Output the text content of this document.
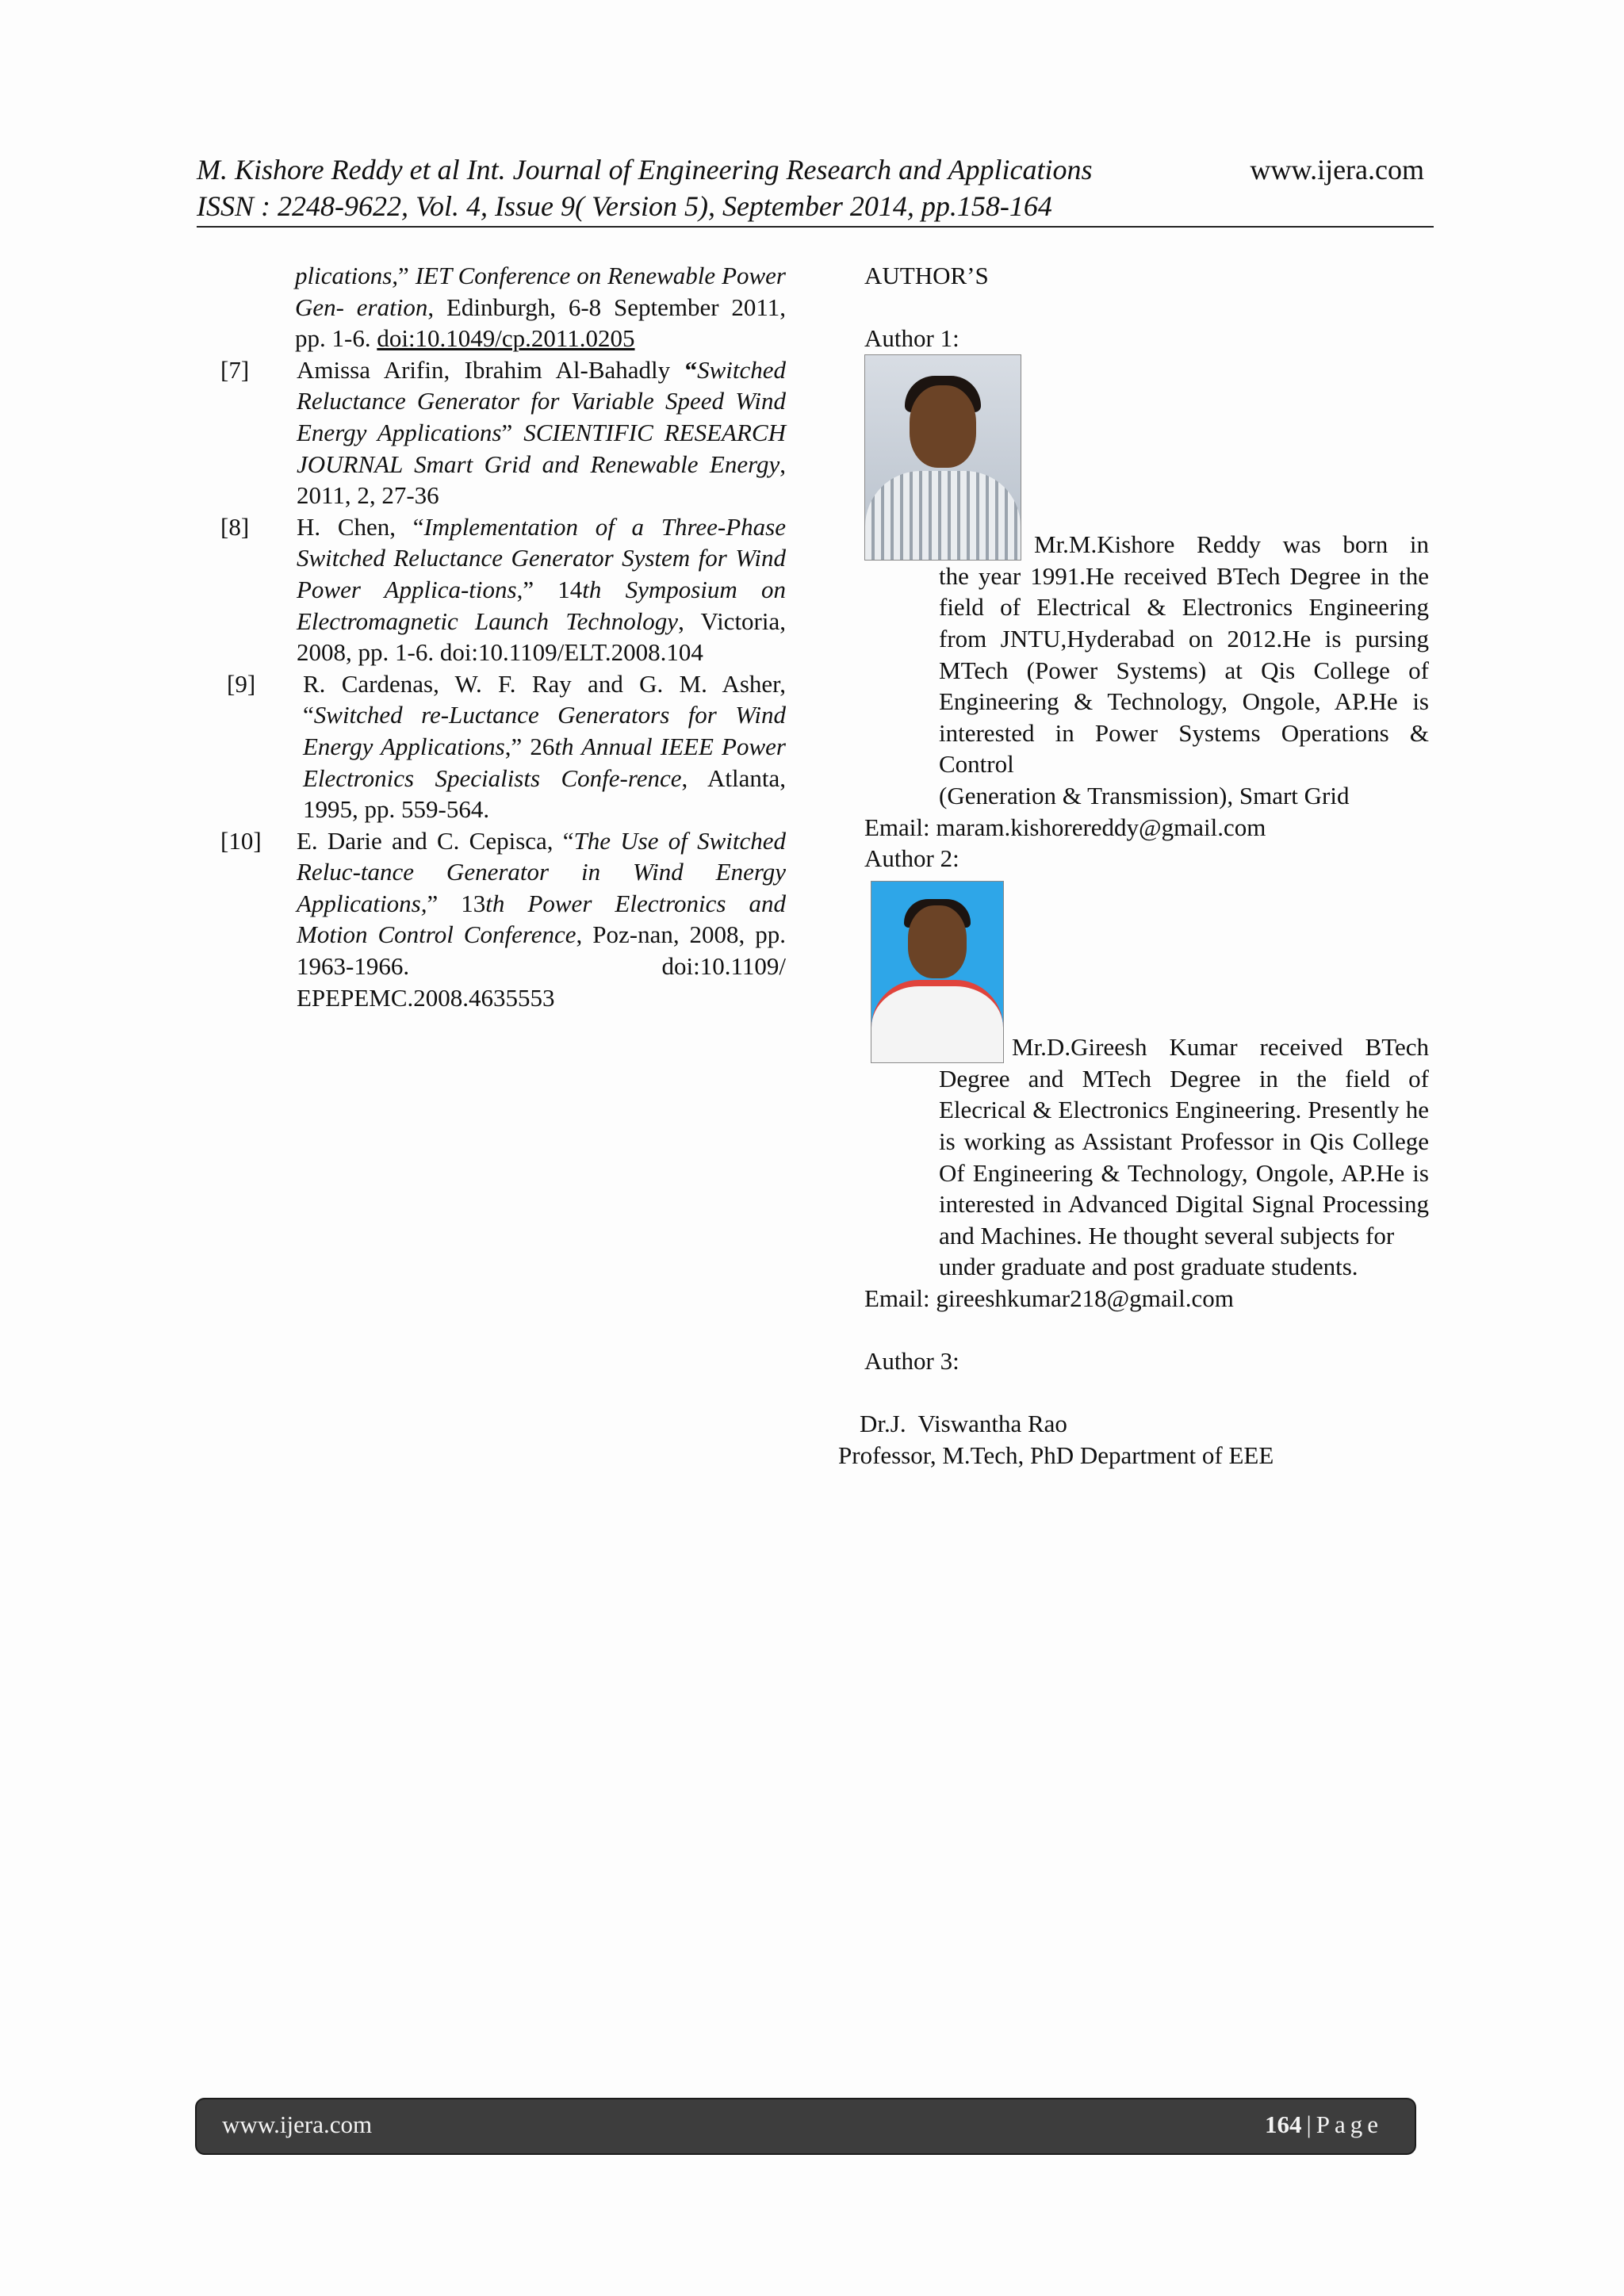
M. Kishore Reddy et al Int. Journal of Engineering Research and Applications	www.ijera.com
ISSN : 2248-9622, Vol. 4, Issue 9( Version 5), September 2014, pp.158-164
plications,” IET Conference on Renewable Power Gen- eration, Edinburgh, 6-8 September 2011, pp. 1-6. doi:10.1049/cp.2011.0205
[7]	Amissa Arifin, Ibrahim Al-Bahadly “Switched Reluctance Generator for Variable Speed Wind Energy Applications” SCIENTIFIC RESEARCH JOURNAL Smart Grid and Renewable Energy, 2011, 2, 27-36
[8]	H. Chen, “Implementation of a Three-Phase Switched Reluctance Generator System for Wind Power Applica-tions,” 14th Symposium on Electromagnetic Launch Technology, Victoria, 2008, pp. 1-6. doi:10.1109/ELT.2008.104
[9]	R. Cardenas, W. F. Ray and G. M. Asher, “Switched re-Luctance Generators for Wind Energy Applications,” 26th Annual IEEE Power Electronics Specialists Confe-rence, Atlanta, 1995, pp. 559-564.
[10]	E. Darie and C. Cepisca, “The Use of Switched Reluc-tance Generator in Wind Energy Applications,” 13th Power Electronics and Motion Control Conference, Poz-nan, 2008, pp. 1963-1966. doi:10.1109/ EPEPEMC.2008.4635553
AUTHOR’S
Author 1:
Mr.M.Kishore Reddy was born in
the year 1991.He received BTech Degree in the field of Electrical & Electronics Engineering from JNTU,Hyderabad on 2012.He is pursing MTech (Power Systems) at Qis College of Engineering & Technology, Ongole, AP.He is interested in Power Systems Operations & Control
(Generation & Transmission), Smart Grid
Email: maram.kishorereddy@gmail.com
Author 2:
Mr.D.Gireesh Kumar received BTech
Degree and MTech Degree in the field of Elecrical & Electronics Engineering. Presently he is working as Assistant Professor in Qis College Of Engineering & Technology, Ongole, AP.He is interested in Advanced Digital Signal Processing and Machines. He thought several subjects for
under graduate and post graduate students.
Email: gireeshkumar218@gmail.com
Author 3:
Dr.J.  Viswantha Rao
Professor, M.Tech, PhD Department of EEE
www.ijera.com	164 | Page
